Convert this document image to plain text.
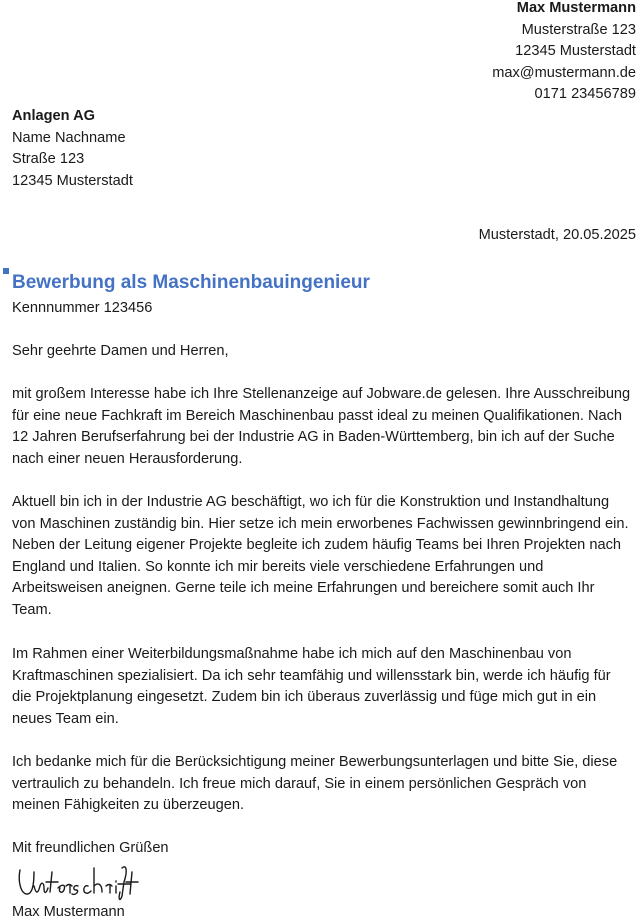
Max Mustermann
Musterstraße 123
12345 Musterstadt
max@mustermann.de
0171 23456789
Anlagen AG
Name Nachname
Straße 123
12345 Musterstadt
Musterstadt, 20.05.2025
Bewerbung als Maschinenbauingenieur
Kennnummer 123456
Sehr geehrte Damen und Herren,

mit großem Interesse habe ich Ihre Stellenanzeige auf Jobware.de gelesen. Ihre Ausschreibung für eine neue Fachkraft im Bereich Maschinenbau passt ideal zu meinen Qualifikationen. Nach 12 Jahren Berufserfahrung bei der Industrie AG in Baden-Württemberg, bin ich auf der Suche nach einer neuen Herausforderung.

Aktuell bin ich in der Industrie AG beschäftigt, wo ich für die Konstruktion und Instandhaltung von Maschinen zuständig bin. Hier setze ich mein erworbenes Fachwissen gewinnbringend ein. Neben der Leitung eigener Projekte begleite ich zudem häufig Teams bei Ihren Projekten nach England und Italien. So konnte ich mir bereits viele verschiedene Erfahrungen und Arbeitsweisen aneignen. Gerne teile ich meine Erfahrungen und bereichere somit auch Ihr Team.

Im Rahmen einer Weiterbildungsmaßnahme habe ich mich auf den Maschinenbau von Kraftmaschinen spezialisiert. Da ich sehr teamfähig und willensstark bin, werde ich häufig für die Projektplanung eingesetzt. Zudem bin ich überaus zuverlässig und füge mich gut in ein neues Team ein.

Ich bedanke mich für die Berücksichtigung meiner Bewerbungsunterlagen und bitte Sie, diese vertraulich zu behandeln. Ich freue mich darauf, Sie in einem persönlichen Gespräch von meinen Fähigkeiten zu überzeugen.

Mit freundlichen Grüßen
Max Mustermann
